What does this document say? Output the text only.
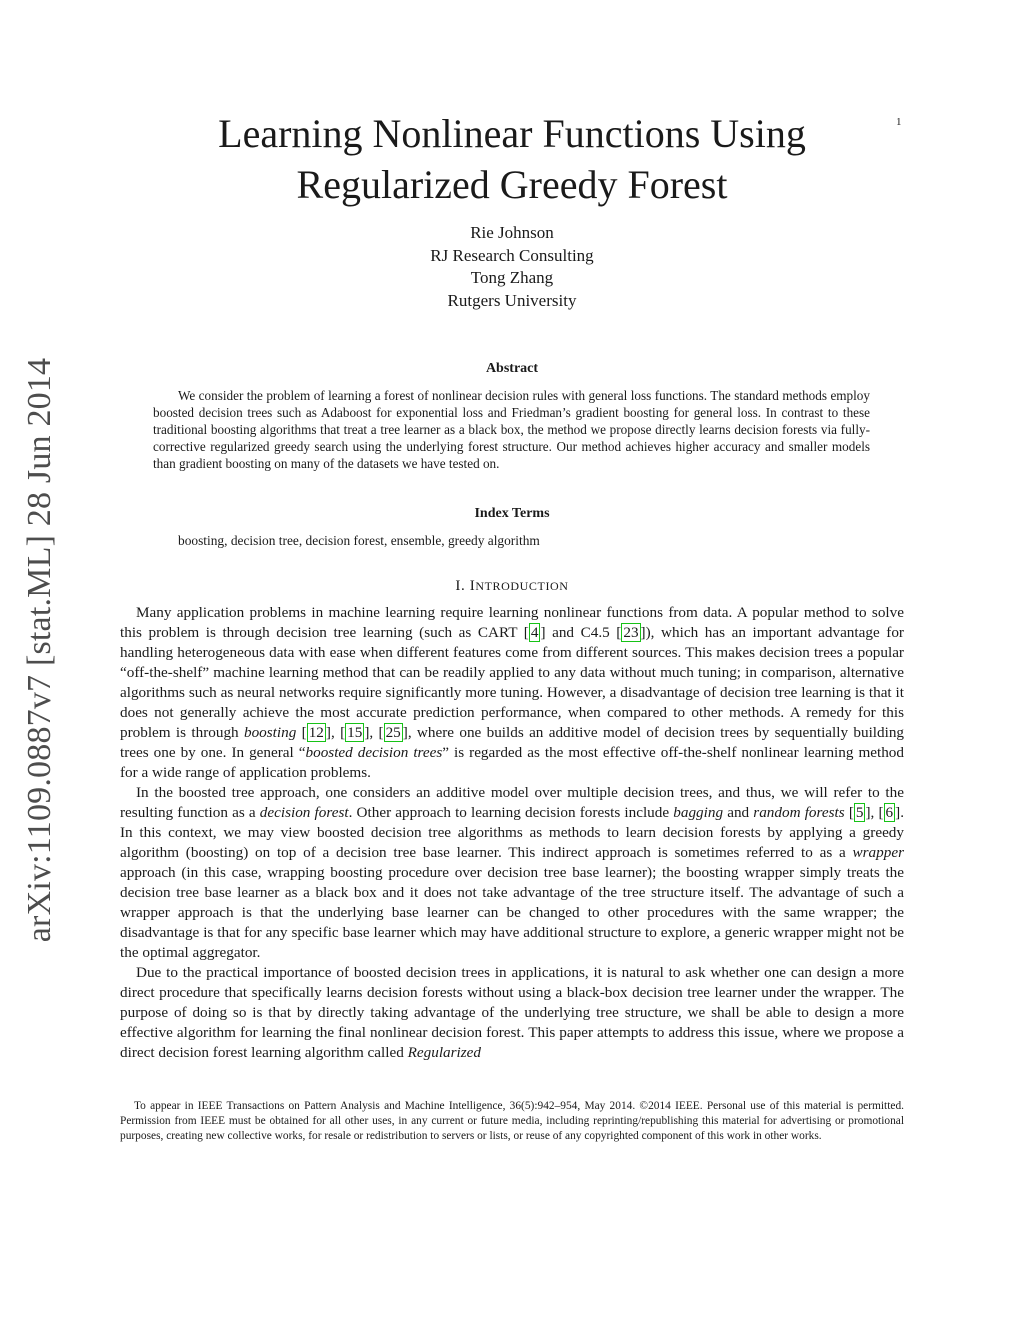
1
arXiv:1109.0887v7 [stat.ML] 28 Jun 2014
Learning Nonlinear Functions Using
Regularized Greedy Forest
Rie Johnson
RJ Research Consulting
Tong Zhang
Rutgers University
Abstract
We consider the problem of learning a forest of nonlinear decision rules with general loss functions. The standard methods employ boosted decision trees such as Adaboost for exponential loss and Friedman’s gradient boosting for general loss. In contrast to these traditional boosting algorithms that treat a tree learner as a black box, the method we propose directly learns decision forests via fully-corrective regularized greedy search using the underlying forest structure. Our method achieves higher accuracy and smaller models than gradient boosting on many of the datasets we have tested on.
Index Terms
boosting, decision tree, decision forest, ensemble, greedy algorithm
I. INTRODUCTION

Many application problems in machine learning require learning nonlinear functions from data. A popular method to solve this problem is through decision tree learning (such as CART [ 4 ] and C4.5 [ 23 ]), which has an important advantage for handling heterogeneous data with ease when different features come from different sources. This makes decision trees a popular “off-the-shelf” machine learning method that can be readily applied to any data without much tuning; in comparison, alternative algorithms such as neural networks require significantly more tuning. However, a disadvantage of decision tree learning is that it does not generally achieve the most accurate prediction performance, when compared to other methods. A remedy for this problem is through boosting [ 12 ], [ 15 ], [ 25 ], where one builds an additive model of decision trees by sequentially building trees one by one. In general “boosted decision trees” is regarded as the most effective off-the-shelf nonlinear learning method for a wide range of application problems.

In the boosted tree approach, one considers an additive model over multiple decision trees, and thus, we will refer to the resulting function as a decision forest. Other approach to learning decision forests include bagging and random forests [ 5 ], [ 6 ]. In this context, we may view boosted decision tree algorithms as methods to learn decision forests by applying a greedy algorithm (boosting) on top of a decision tree base learner. This indirect approach is sometimes referred to as a wrapper approach (in this case, wrapping boosting procedure over decision tree base learner); the boosting wrapper simply treats the decision tree base learner as a black box and it does not take advantage of the tree structure itself. The advantage of such a wrapper approach is that the underlying base learner can be changed to other procedures with the same wrapper; the disadvantage is that for any specific base learner which may have additional structure to explore, a generic wrapper might not be the optimal aggregator.

Due to the practical importance of boosted decision trees in applications, it is natural to ask whether one can design a more direct procedure that specifically learns decision forests without using a black-box decision tree learner under the wrapper. The purpose of doing so is that by directly taking advantage of the underlying tree structure, we shall be able to design a more effective algorithm for learning the final nonlinear decision forest. This paper attempts to address this issue, where we propose a direct decision forest learning algorithm called Regularized

To appear in IEEE Transactions on Pattern Analysis and Machine Intelligence, 36(5):942–954, May 2014. ©2014 IEEE. Personal use of this material is permitted. Permission from IEEE must be obtained for all other uses, in any current or future media, including reprinting/republishing this material for advertising or promotional purposes, creating new collective works, for resale or redistribution to servers or lists, or reuse of any copyrighted component of this work in other works.
